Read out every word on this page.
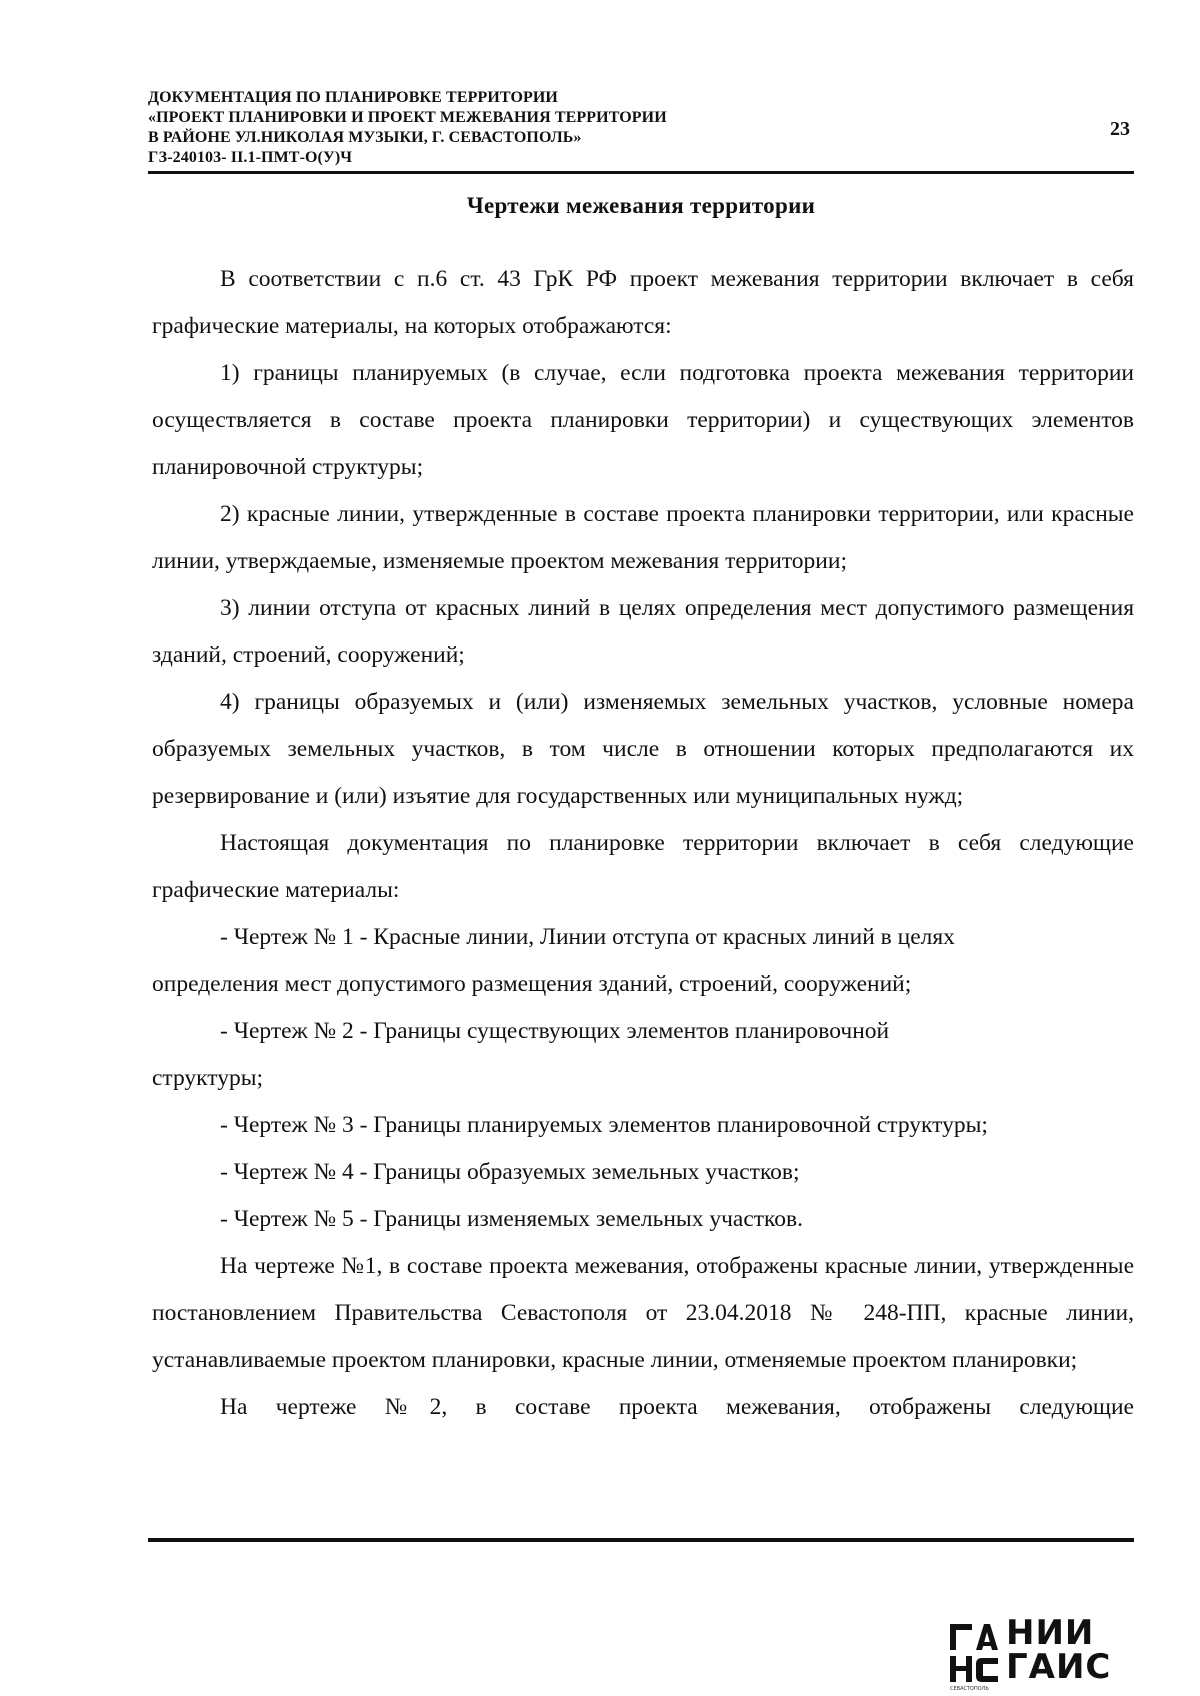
ДОКУМЕНТАЦИЯ ПО ПЛАНИРОВКЕ ТЕРРИТОРИИ
«ПРОЕКТ ПЛАНИРОВКИ И ПРОЕКТ МЕЖЕВАНИЯ ТЕРРИТОРИИ
В РАЙОНЕ УЛ.НИКОЛАЯ МУЗЫКИ, Г. СЕВАСТОПОЛЬ»
ГЗ-240103- II.1-ПМТ-О(У)Ч
23
Чертежи межевания территории

В соответствии с п.6 ст. 43 ГрК РФ проект межевания территории включает в себя графические материалы, на которых отображаются:

1) границы планируемых (в случае, если подготовка проекта межевания территории осуществляется в составе проекта планировки территории) и существующих элементов планировочной структуры;

2) красные линии, утвержденные в составе проекта планировки территории, или красные линии, утверждаемые, изменяемые проектом межевания территории;

3) линии отступа от красных линий в целях определения мест допустимого размещения зданий, строений, сооружений;

4) границы образуемых и (или) изменяемых земельных участков, условные номера образуемых земельных участков, в том числе в отношении которых предполагаются их резервирование и (или) изъятие для государственных или муниципальных нужд;

Настоящая документация по планировке территории включает в себя следующие графические материалы:

- Чертеж № 1 - Красные линии, Линии отступа от красных линий в целях определения мест допустимого размещения зданий, строений, сооружений;

- Чертеж № 2 - Границы существующих элементов планировочной структуры;

- Чертеж № 3 - Границы планируемых элементов планировочной структуры;

- Чертеж № 4 - Границы образуемых земельных участков;

- Чертеж № 5 - Границы изменяемых земельных участков.

На чертеже №1, в составе проекта межевания, отображены красные линии, утвержденные постановлением Правительства Севастополя от 23.04.2018 № 248-ПП, красные линии, устанавливаемые проектом планировки, красные линии, отменяемые проектом планировки;

На чертеже №2, в составе проекта межевания, отображены следующие

НИИ
ГАИС
СЕВАСТОПОЛЬ
